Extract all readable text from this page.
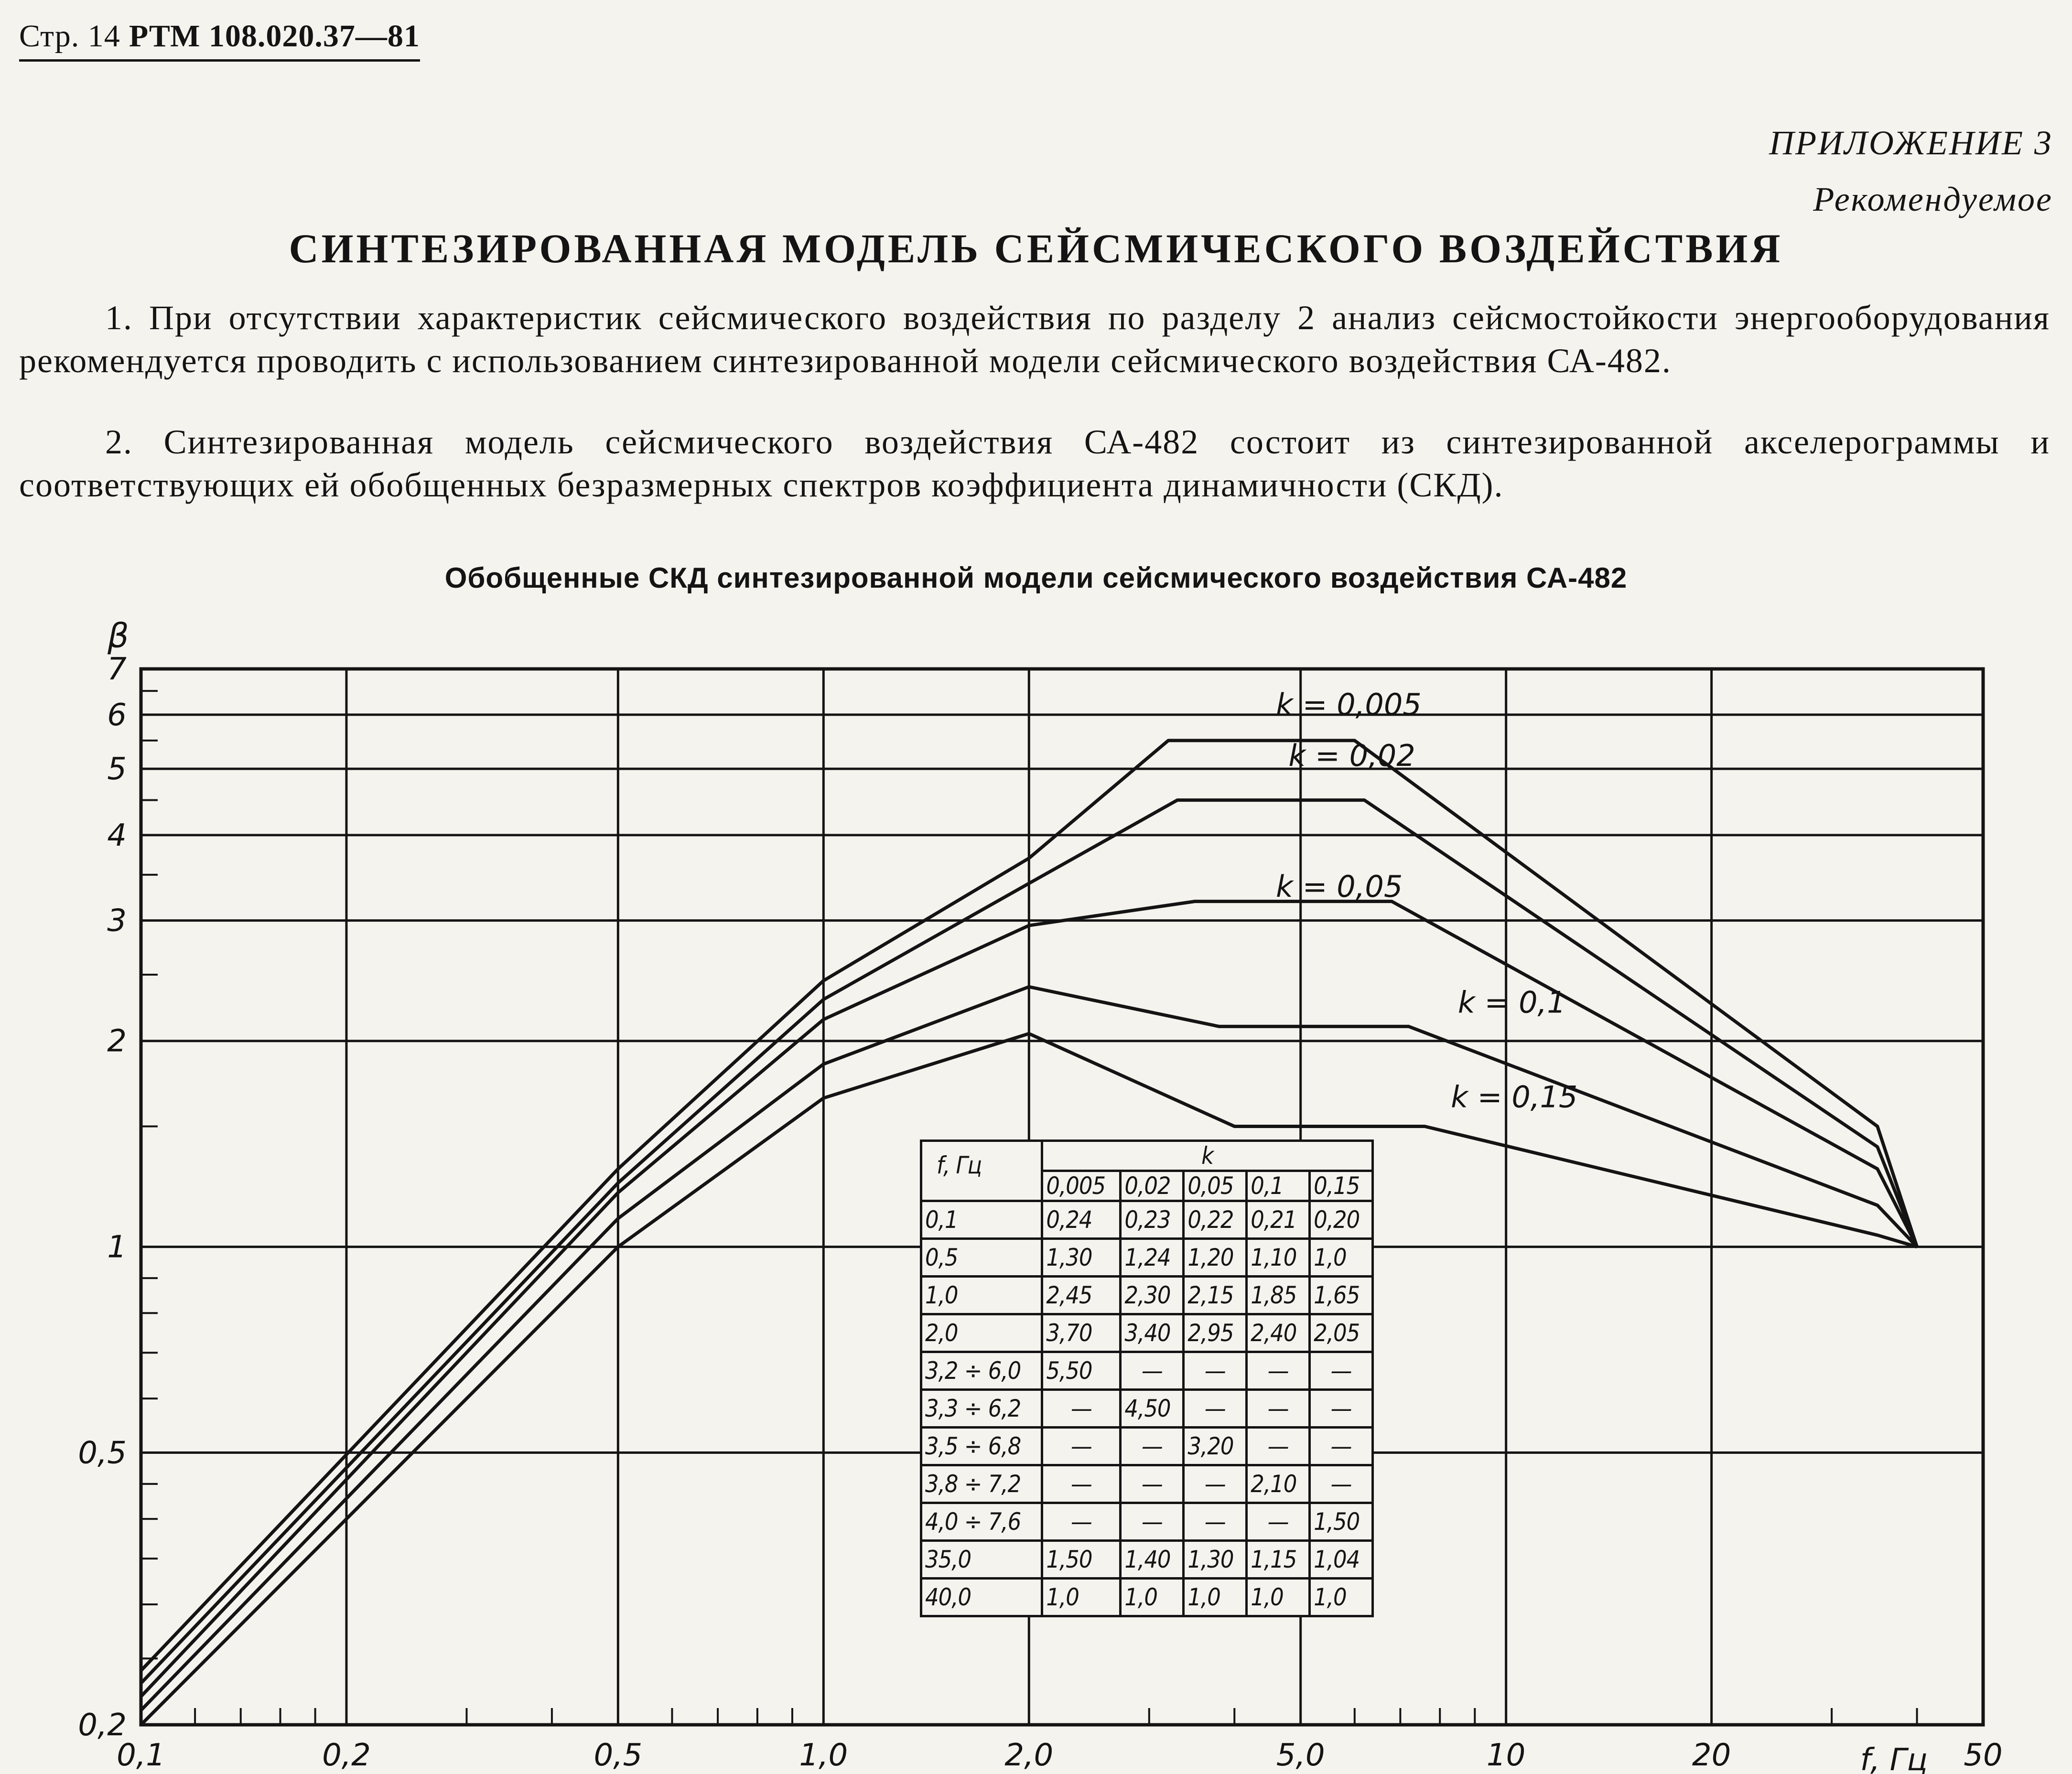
Стр. 14 РТМ 108.020.37—81
ПРИЛОЖЕНИЕ 3
Рекомендуемое
СИНТЕЗИРОВАННАЯ МОДЕЛЬ СЕЙСМИЧЕСКОГО ВОЗДЕЙСТВИЯ
1. При отсутствии характеристик сейсмического воздействия по разделу 2 анализ сейсмостойкости энергооборудования рекомендуется проводить с использованием синтезированной модели сейсмического воздействия СА-482.
2. Синтезированная модель сейсмического воздействия СА-482 состоит из синтезированной акселерограммы и соответствующих ей обобщенных безразмерных спектров коэффициента динамичности (СКД).
Обобщенные СКД синтезированной модели сейсмического воздействия СА-482
k = 0,005
k = 0,02
k = 0,05
k = 0,1
k = 0,15
0,1	0,2	0,5	1,0	2,0	5,0	10	20	50
0,2
0,5
1
2
3
4
5
6
7
β
f, Гц
f, Гц	k				
	0,005	0,02	0,05	0,1	0,15
0,1	0,24	0,23	0,22	0,21	0,20
0,5	1,30	1,24	1,20	1,10	1,0
1,0	2,45	2,30	2,15	1,85	1,65
2,0	3,70	3,40	2,95	2,40	2,05
3,2 ÷ 6,0	5,50	—	—	—	—
3,3 ÷ 6,2	—	4,50	—	—	—
3,5 ÷ 6,8	—	—	3,20	—	—
3,8 ÷ 7,2	—	—	—	2,10	—
4,0 ÷ 7,6	—	—	—	—	1,50
35,0	1,50	1,40	1,30	1,15	1,04
40,0	1,0	1,0	1,0	1,0	1,0
